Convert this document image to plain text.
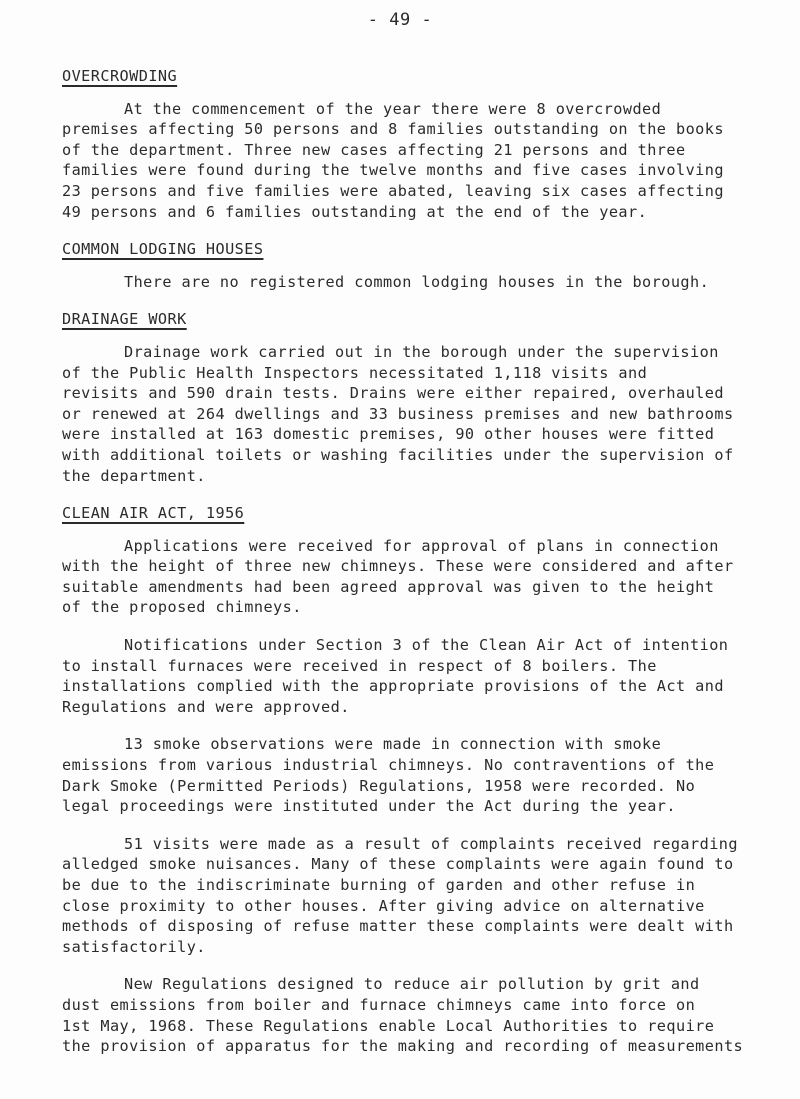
- 49 -
OVERCROWDING
At the commencement of the year there were 8 overcrowded
premises affecting 50 persons and 8 families outstanding on the books
of the department. Three new cases affecting 21 persons and three
families were found during the twelve months and five cases involving
23 persons and five families were abated, leaving six cases affecting
49 persons and 6 families outstanding at the end of the year.
COMMON LODGING HOUSES
There are no registered common lodging houses in the borough.
DRAINAGE WORK
Drainage work carried out in the borough under the supervision
of the Public Health Inspectors necessitated 1,118 visits and
revisits and 590 drain tests. Drains were either repaired, overhauled
or renewed at 264 dwellings and 33 business premises and new bathrooms
were installed at 163 domestic premises, 90 other houses were fitted
with additional toilets or washing facilities under the supervision of
the department.
CLEAN AIR ACT, 1956
Applications were received for approval of plans in connection
with the height of three new chimneys. These were considered and after
suitable amendments had been agreed approval was given to the height
of the proposed chimneys.
Notifications under Section 3 of the Clean Air Act of intention
to install furnaces were received in respect of 8 boilers. The
installations complied with the appropriate provisions of the Act and
Regulations and were approved.
13 smoke observations were made in connection with smoke
emissions from various industrial chimneys. No contraventions of the
Dark Smoke (Permitted Periods) Regulations, 1958 were recorded. No
legal proceedings were instituted under the Act during the year.
51 visits were made as a result of complaints received regarding
alledged smoke nuisances. Many of these complaints were again found to
be due to the indiscriminate burning of garden and other refuse in
close proximity to other houses. After giving advice on alternative
methods of disposing of refuse matter these complaints were dealt with
satisfactorily.
New Regulations designed to reduce air pollution by grit and
dust emissions from boiler and furnace chimneys came into force on
1st May, 1968. These Regulations enable Local Authorities to require
the provision of apparatus for the making and recording of measurements
